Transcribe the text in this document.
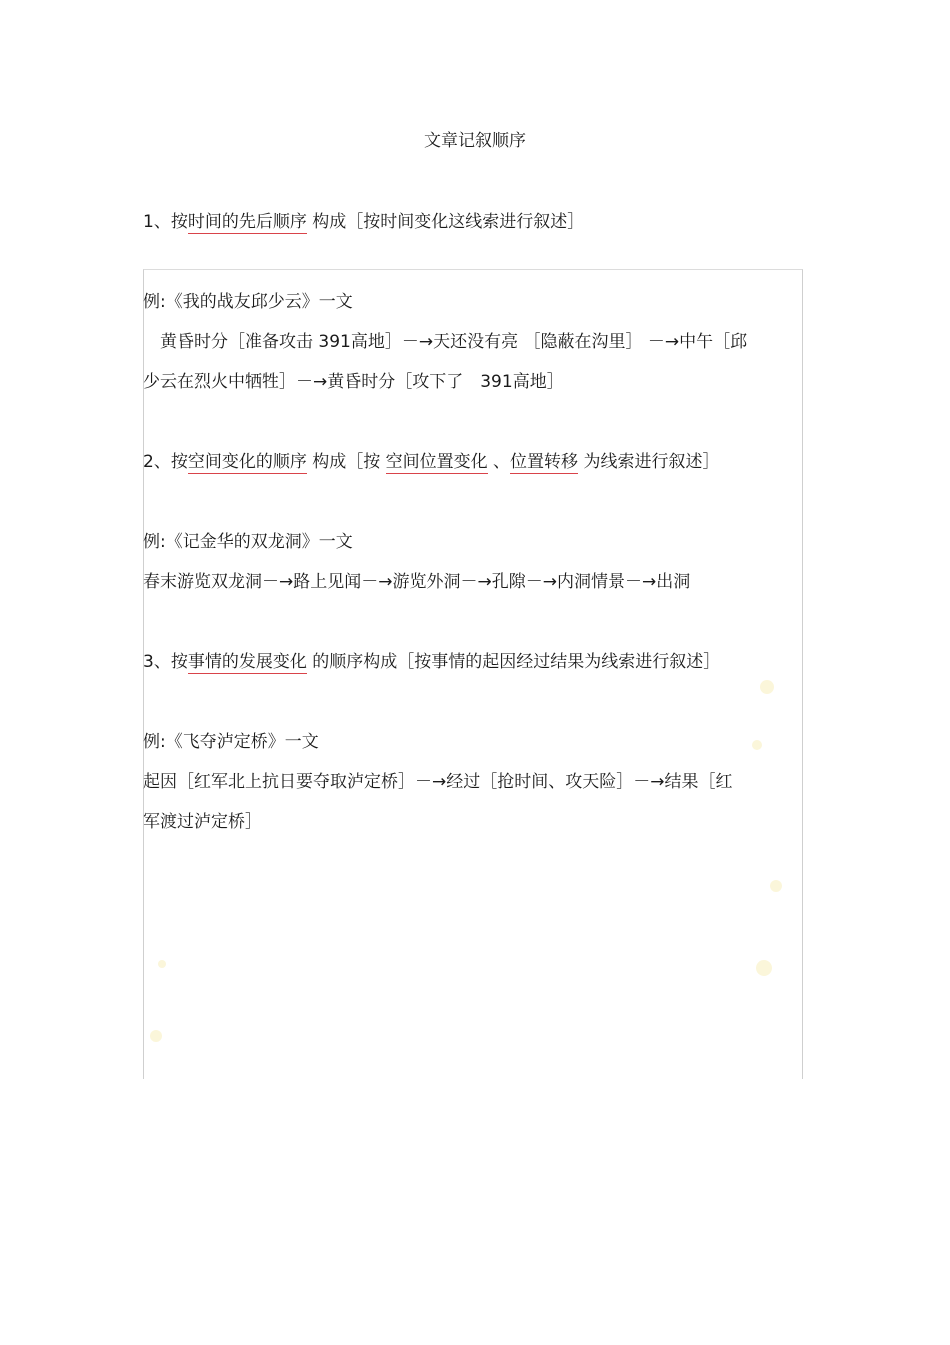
文章记叙顺序
1、按时间的先后顺序 构成［按时间变化这线索进行叙述］
例:《我的战友邱少云》一文
　黄昏时分［准备攻击 391高地］－→天还没有亮 ［隐蔽在沟里］ －→中午［邱
少云在烈火中牺牲］－→黄昏时分［攻下了　391高地］
2、按空间变化的顺序 构成［按 空间位置变化 、位置转移 为线索进行叙述］
例:《记金华的双龙洞》一文
春末游览双龙洞－→路上见闻－→游览外洞－→孔隙－→内洞情景－→出洞
3、按事情的发展变化 的顺序构成［按事情的起因经过结果为线索进行叙述］
例:《飞夺泸定桥》一文
起因［红军北上抗日要夺取泸定桥］－→经过［抢时间、攻天险］－→结果［红
军渡过泸定桥］
